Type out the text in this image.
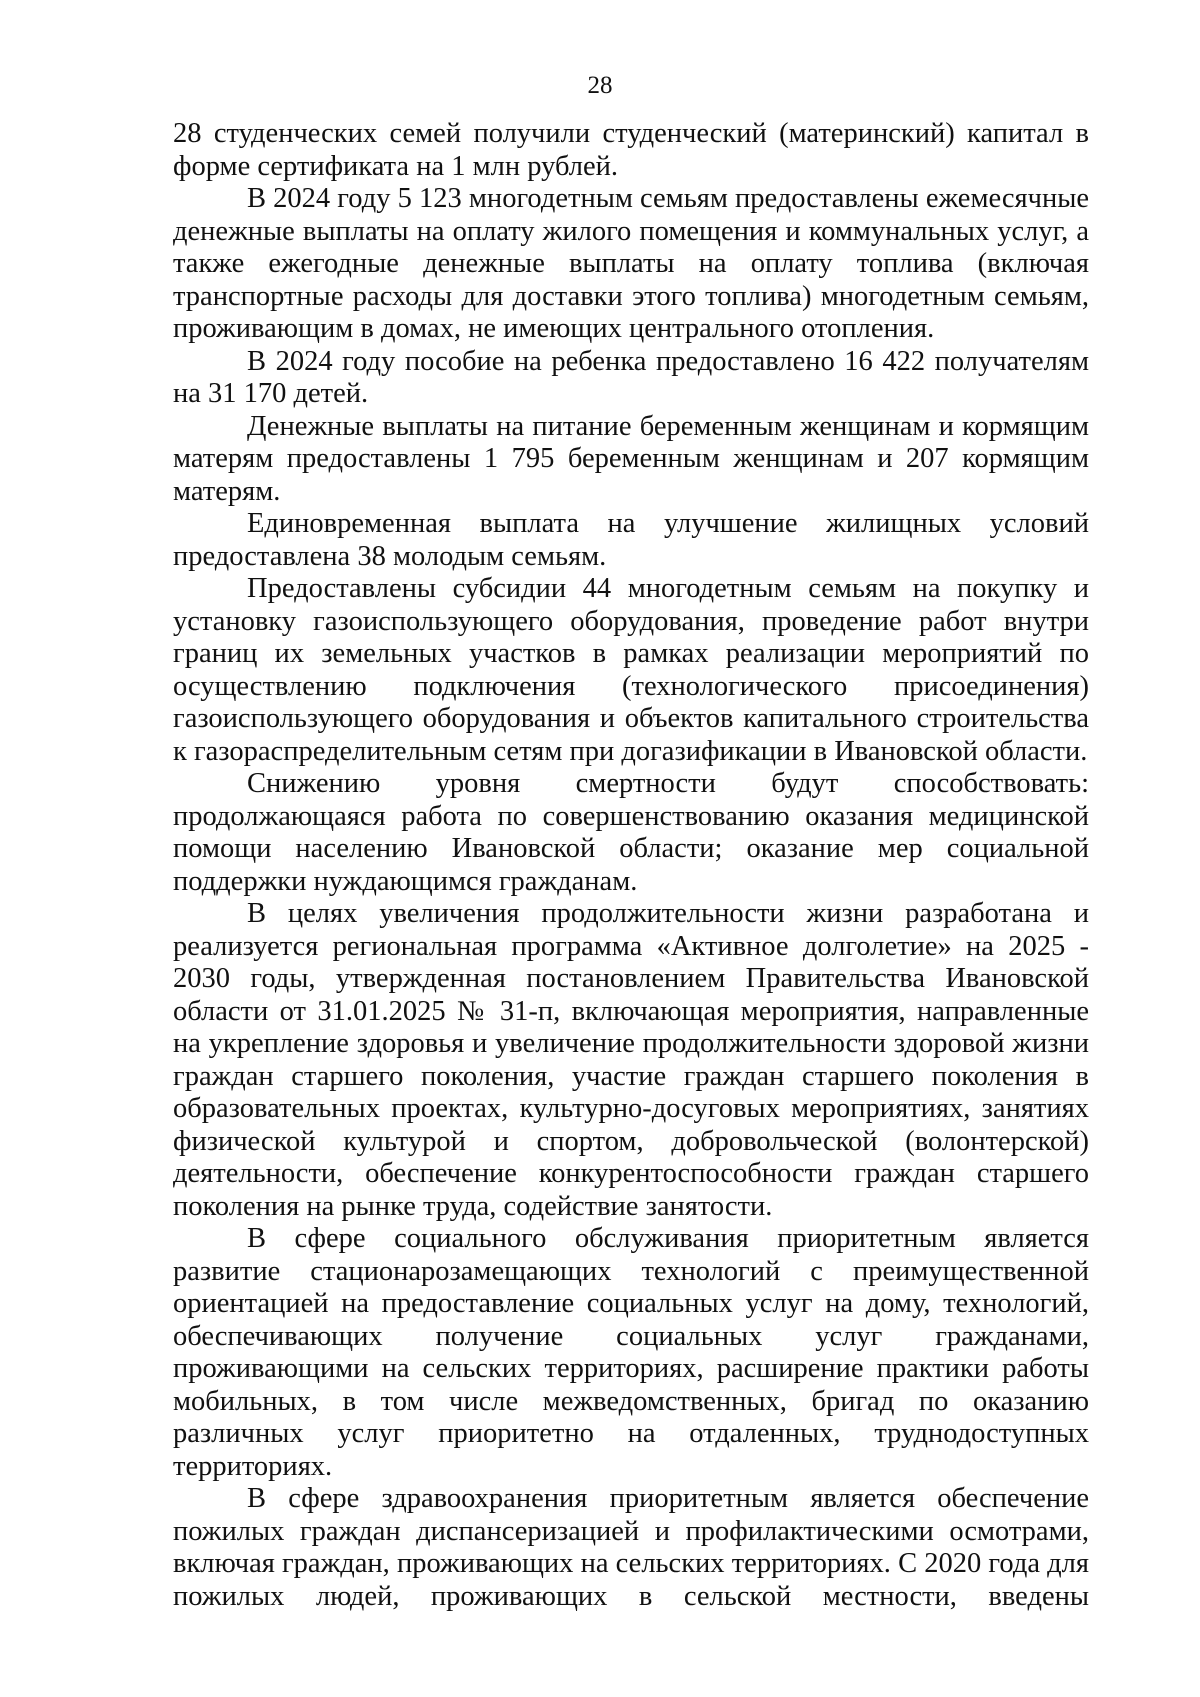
28

28 студенческих семей получили студенческий (материнский) капитал в форме сертификата на 1 млн рублей.

В 2024 году 5 123 многодетным семьям предоставлены ежемесячные денежные выплаты на оплату жилого помещения и коммунальных услуг, а также ежегодные денежные выплаты на оплату топлива (включая транспортные расходы для доставки этого топлива) многодетным семьям, проживающим в домах, не имеющих центрального отопления.

В 2024 году пособие на ребенка предоставлено 16 422 получателям на 31 170 детей.

Денежные выплаты на питание беременным женщинам и кормящим матерям предоставлены 1 795 беременным женщинам и 207 кормящим матерям.

Единовременная выплата на улучшение жилищных условий предоставлена 38 молодым семьям.

Предоставлены субсидии 44 многодетным семьям на покупку и установку газоиспользующего оборудования, проведение работ внутри границ их земельных участков в рамках реализации мероприятий по осуществлению подключения (технологического присоединения) газоиспользующего оборудования и объектов капитального строительства к газораспределительным сетям при догазификации в Ивановской области.

Снижению уровня смертности будут способствовать: продолжающаяся работа по совершенствованию оказания медицинской помощи населению Ивановской области; оказание мер социальной поддержки нуждающимся гражданам.

В целях увеличения продолжительности жизни разработана и реализуется региональная программа «Активное долголетие» на 2025 - 2030 годы, утвержденная постановлением Правительства Ивановской области от 31.01.2025 № 31-п, включающая мероприятия, направленные на укрепление здоровья и увеличение продолжительности здоровой жизни граждан старшего поколения, участие граждан старшего поколения в образовательных проектах, культурно-досуговых мероприятиях, занятиях физической культурой и спортом, добровольческой (волонтерской) деятельности, обеспечение конкурентоспособности граждан старшего поколения на рынке труда, содействие занятости.

В сфере социального обслуживания приоритетным является развитие стационарозамещающих технологий с преимущественной ориентацией на предоставление социальных услуг на дому, технологий, обеспечивающих получение социальных услуг гражданами, проживающими на сельских территориях, расширение практики работы мобильных, в том числе межведомственных, бригад по оказанию различных услуг приоритетно на отдаленных, труднодоступных территориях.

В сфере здравоохранения приоритетным является обеспечение пожилых граждан диспансеризацией и профилактическими осмотрами, включая граждан, проживающих на сельских территориях. С 2020 года для пожилых людей, проживающих в сельской местности, введены
